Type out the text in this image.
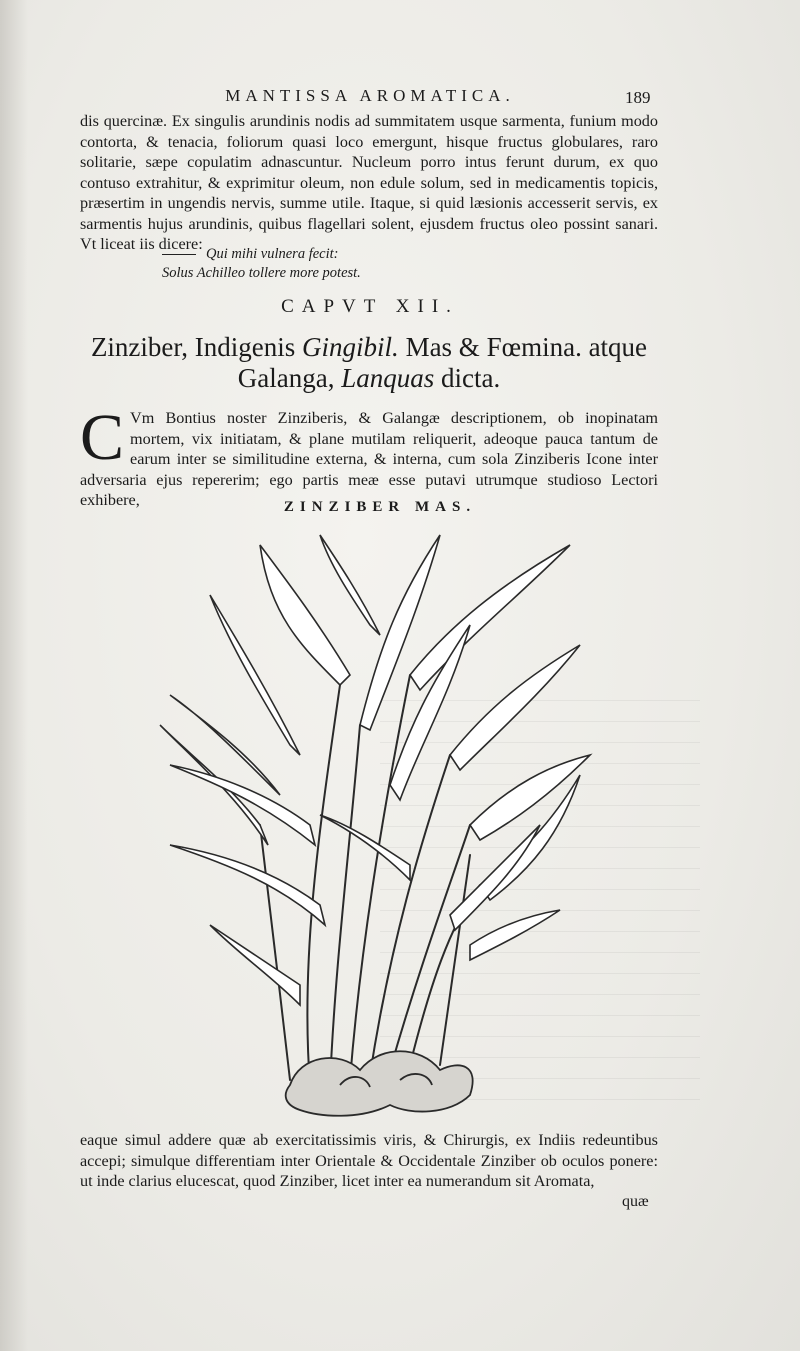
MANTISSA AROMATICA.	189
dis quercinæ. Ex singulis arundinis nodis ad summitatem usque sarmenta, funium modo contorta, & tenacia, foliorum quasi loco emergunt, hisque fructus globulares, raro solitarie, sæpe copulatim adnascuntur. Nucleum porro intus ferunt durum, ex quo contuso extrahitur, & exprimitur oleum, non edule solum, sed in medicamentis topicis, præsertim in ungendis nervis, summe utile. Itaque, si quid læsionis accesserit servis, ex sarmentis hujus arundinis, quibus flagellari solent, ejusdem fructus oleo possint sanari. Vt liceat iis dicere:
Qui mihi vulnera fecit:
Solus Achilleo tollere more potest.
CAPVT XII.
Zinziber, Indigenis Gingibil. Mas & Fœmina. atque Galanga, Lanquas dicta.
C Vm Bontius noster Zinziberis, & Galangæ descriptionem, ob inopinatam mortem, vix initiatam, & plane mutilam reliquerit, adeoque pauca tantum de earum inter se similitudine externa, & interna, cum sola Zinziberis Icone inter adversaria ejus repererim; ego partis meæ esse putavi utrumque studioso Lectori exhibere,	ZINZIBER MAS.
eaque simul addere quæ ab exercitatissimis viris, & Chirurgis, ex Indiis redeuntibus accepi; simulque differentiam inter Orientale & Occidentale Zinziber ob oculos ponere: ut inde clarius elucescat, quod Zinziber, licet inter ea numerandum sit Aromata,
quæ
